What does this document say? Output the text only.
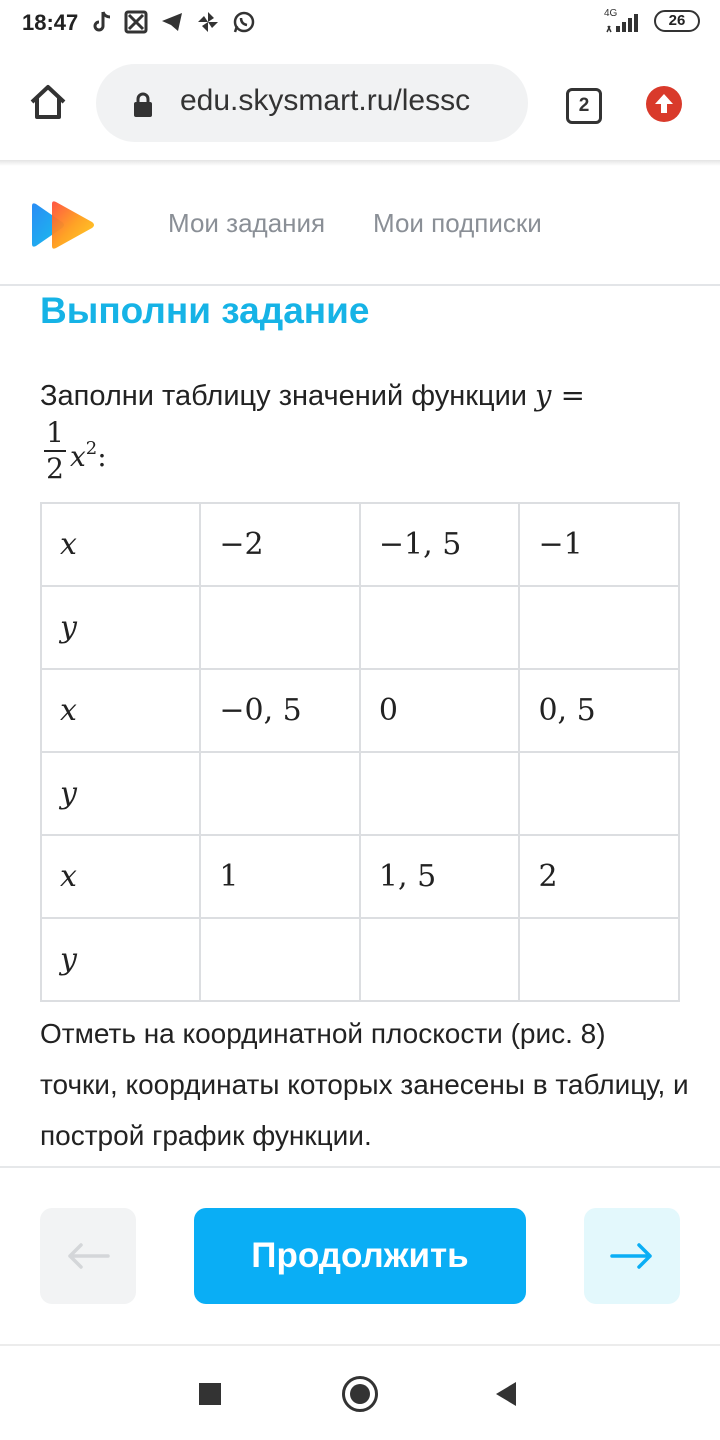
18:47	4G	26
edu.skysmart.ru/lessc	2
Мои задания Мои подписки
Выполни задание
Заполни таблицу значений функции y =
1
2 $x^2$:
x	−2	−1, 5	−1
y			
x	−0, 5	0	0, 5
y			
x	1	1, 5	2
y			
Отметь на координатной плоскости (рис. 8) точки, координаты которых занесены в таблицу, и построй график функции.
Продолжить
